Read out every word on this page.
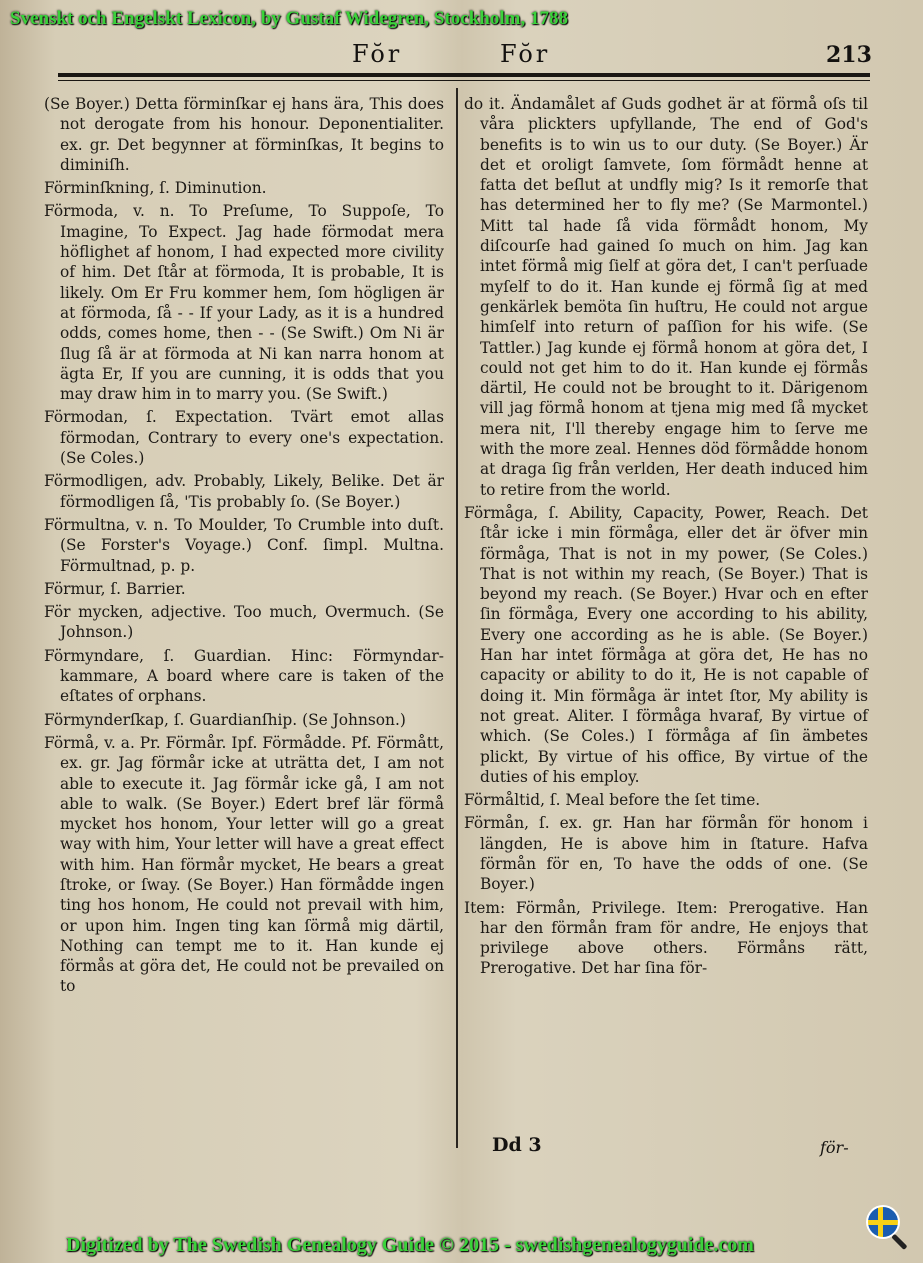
Svenskt och Engelskt Lexicon, by Gustaf Widegren, Stockholm, 1788
Fŏr	Fŏr	213

(Se Boyer.) Detta förminſkar ej hans ära, This does not derogate from his honour. Deponentialiter. ex. gr. Det begynner at förminſkas, It begins to diminiſh.

Förminſkning, ſ. Diminution.

Förmoda, v. n. To Preſume, To Suppoſe, To Imagine, To Expect. Jag hade förmodat mera höflighet af honom, I had expected more civility of him. Det ſtår at förmoda, It is probable, It is likely. Om Er Fru kommer hem, ſom högligen är at förmoda, ſå - - If your Lady, as it is a hundred odds, comes home, then - - (Se Swift.) Om Ni är ſlug ſå är at förmoda at Ni kan narra honom at ägta Er, If you are cunning, it is odds that you may draw him in to marry you. (Se Swift.)

Förmodan, ſ. Expectation. Tvärt emot allas förmodan, Contrary to every one's expectation. (Se Coles.)

Förmodligen, adv. Probably, Likely, Belike. Det är förmodligen ſå, 'Tis probably ſo. (Se Boyer.)

Förmultna, v. n. To Moulder, To Crumble into duſt. (Se Forster's Voyage.) Conf. ſimpl. Multna. Förmultnad, p. p.

Förmur, ſ. Barrier.

För mycken, adjective. Too much, Overmuch. (Se Johnson.)

Förmyndare, ſ. Guardian. Hinc: Förmyndar-kammare, A board where care is taken of the eſtates of orphans.

Förmynderſkap, ſ. Guardianſhip. (Se Johnson.)

Förmå, v. a. Pr. Förmår. Ipf. Förmådde. Pf. Förmått, ex. gr. Jag förmår icke at uträtta det, I am not able to execute it. Jag förmår icke gå, I am not able to walk. (Se Boyer.) Edert bref lär förmå mycket hos honom, Your letter will go a great way with him, Your letter will have a great effect with him. Han förmår mycket, He bears a great ſtroke, or ſway. (Se Boyer.) Han förmådde ingen ting hos honom, He could not prevail with him, or upon him. Ingen ting kan ſörmå mig därtil, Nothing can tempt me to it. Han kunde ej förmås at göra det, He could not be prevailed on to

do it. Ändamålet af Guds godhet är at förmå oſs til våra plickters upfyllande, The end of God's benefits is to win us to our duty. (Se Boyer.) Är det et oroligt ſamvete, ſom förmådt henne at fatta det beſlut at undfly mig? Is it remorſe that has determined her to fly me? (Se Marmontel.) Mitt tal hade ſå vida förmådt honom, My diſcourſe had gained ſo much on him. Jag kan intet förmå mig ſielf at göra det, I can't perſuade myſelf to do it. Han kunde ej förmå ſig at med genkärlek bemöta ſin huſtru, He could not argue himſelf into return of paſſion for his wife. (Se Tattler.) Jag kunde ej förmå honom at göra det, I could not get him to do it. Han kunde ej förmås därtil, He could not be brought to it. Därigenom vill jag förmå honom at tjena mig med ſå mycket mera nit, I'll thereby engage him to ſerve me with the more zeal. Hennes död förmådde honom at draga ſig från verlden, Her death induced him to retire from the world.

Förmåga, ſ. Ability, Capacity, Power, Reach. Det ſtår icke i min förmåga, eller det är öfver min förmåga, That is not in my power, (Se Coles.) That is not within my reach, (Se Boyer.) That is beyond my reach. (Se Boyer.) Hvar och en efter ſin förmåga, Every one according to his ability, Every one according as he is able. (Se Boyer.) Han har intet förmåga at göra det, He has no capacity or ability to do it, He is not capable of doing it. Min förmåga är intet ſtor, My ability is not great. Aliter. I förmåga hvaraf, By virtue of which. (Se Coles.) I förmåga af ſin ämbetes plickt, By virtue of his office, By virtue of the duties of his employ.

Förmåltid, ſ. Meal before the ſet time.

Förmån, ſ. ex. gr. Han har förmån för honom i längden, He is above him in ſtature. Hafva förmån för en, To have the odds of one. (Se Boyer.)

Item: Förmån, Privilege. Item: Prerogative. Han har den förmån fram för andre, He enjoys that privilege above others. Förmåns rätt, Prerogative. Det har ſina för-

Dd 3	för-
Digitized by The Swedish Genealogy Guide © 2015 - swedishgenealogyguide.com
